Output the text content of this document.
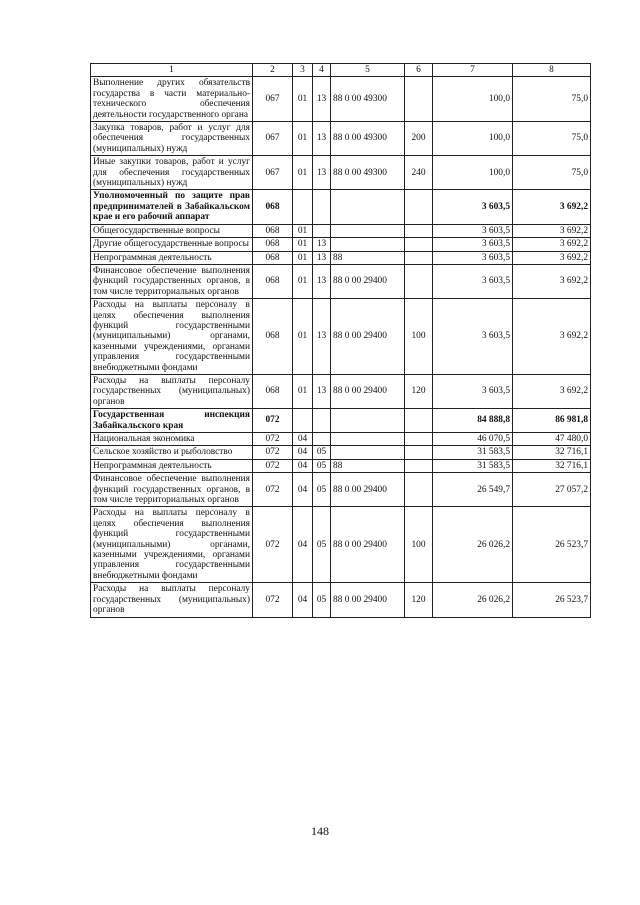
1	2	3	4	5	6	7	8
Выполнение других обязательств государства в части материально-технического обеспечения деятельности государственного органа	067	01	13	88 0 00 49300		100,0	75,0
Закупка товаров, работ и услуг для обеспечения государственных (муниципальных) нужд	067	01	13	88 0 00 49300	200	100,0	75,0
Иные закупки товаров, работ и услуг для обеспечения государственных (муниципальных) нужд	067	01	13	88 0 00 49300	240	100,0	75,0
Уполномоченный по защите прав предпринимателей в Забайкальском крае и его рабочий аппарат	068					3 603,5	3 692,2
Общегосударственные вопросы	068	01				3 603,5	3 692,2
Другие общегосударственные вопросы	068	01	13			3 603,5	3 692,2
Непрограммная деятельность	068	01	13	88		3 603,5	3 692,2
Финансовое обеспечение выполнения функций государственных органов, в том числе территориальных органов	068	01	13	88 0 00 29400		3 603,5	3 692,2
Расходы на выплаты персоналу в целях обеспечения выполнения функций государственными (муниципальными) органами, казенными учреждениями, органами управления государственными внебюджетными фондами	068	01	13	88 0 00 29400	100	3 603,5	3 692,2
Расходы на выплаты персоналу государственных (муниципальных) органов	068	01	13	88 0 00 29400	120	3 603,5	3 692,2
Государственная инспекция Забайкальского края	072					84 888,8	86 981,8
Национальная экономика	072	04				46 070,5	47 480,0
Сельское хозяйство и рыболовство	072	04	05			31 583,5	32 716,1
Непрограммная деятельность	072	04	05	88		31 583,5	32 716,1
Финансовое обеспечение выполнения функций государственных органов, в том числе территориальных органов	072	04	05	88 0 00 29400		26 549,7	27 057,2
Расходы на выплаты персоналу в целях обеспечения выполнения функций государственными (муниципальными) органами, казенными учреждениями, органами управления государственными внебюджетными фондами	072	04	05	88 0 00 29400	100	26 026,2	26 523,7
Расходы на выплаты персоналу государственных (муниципальных) органов	072	04	05	88 0 00 29400	120	26 026,2	26 523,7
148
